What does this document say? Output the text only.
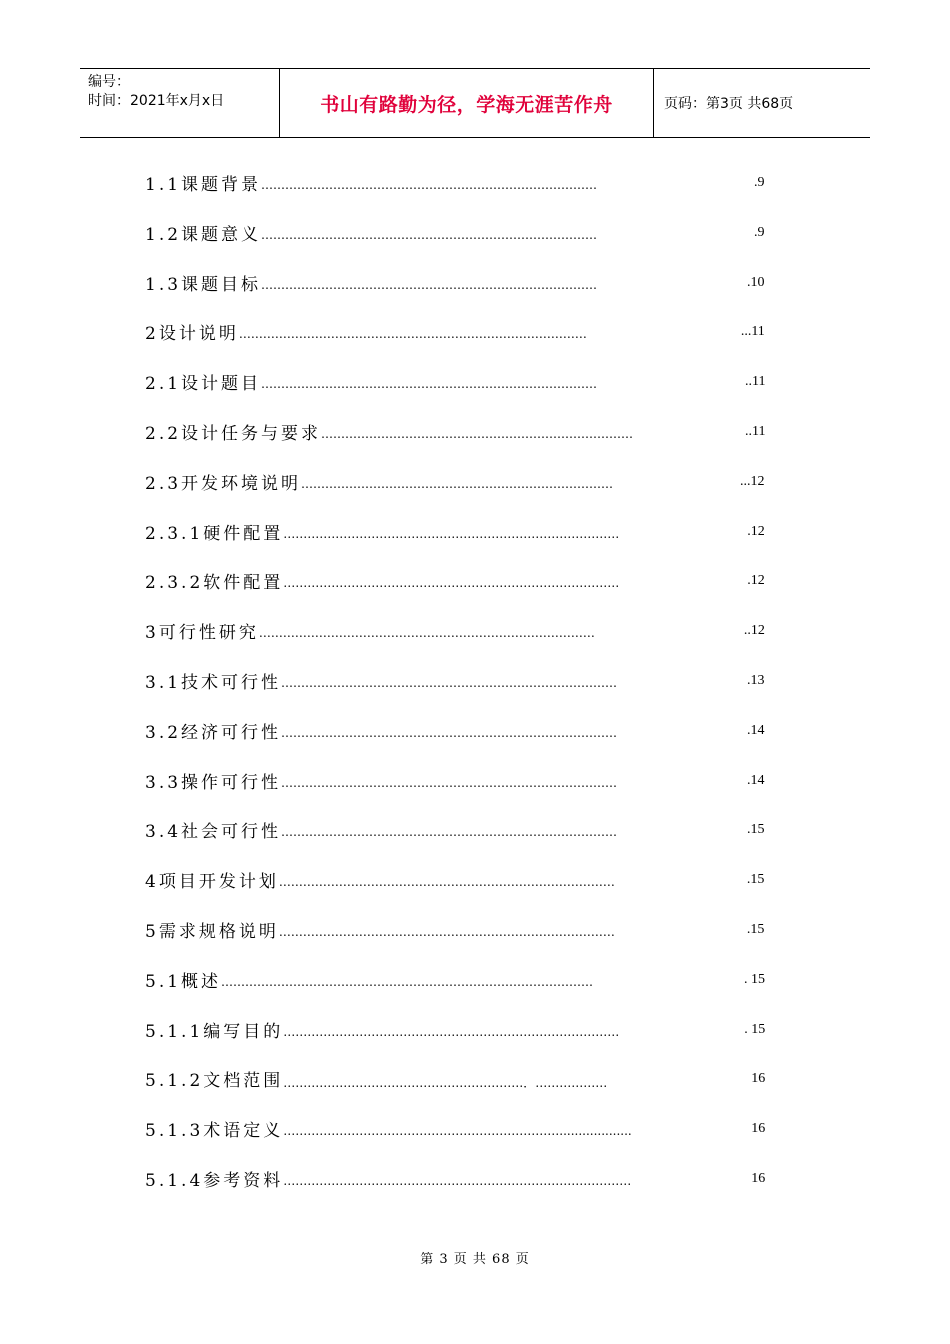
编号：
时间：2021年x月x日	书山有路勤为径，学海无涯苦作舟	页码：第3页 共68页
1.1课题背景 …………………………………………………………………………	.9
1.2课题意义 …………………………………………………………………………	.9
1.3课题目标 …………………………………………………………………………	.10
2设计说明 ……………………………………………………………………………	...11
2.1设计题目 …………………………………………………………………………	..11
2.2设计任务与要求 ……………………………………………………………………	..11
2.3开发环境说明 ……………………………………………………………………	...12
2.3.1硬件配置 …………………………………………………………………………	.12
2.3.2软件配置 …………………………………………………………………………	.12
3可行性研究 …………………………………………………………………………	..12
3.1技术可行性 …………………………………………………………………………	.13
3.2经济可行性 …………………………………………………………………………	.14
3.3操作可行性 …………………………………………………………………………	.14
3.4社会可行性 …………………………………………………………………………	.15
4项目开发计划 …………………………………………………………………………	.15
5需求规格说明 …………………………………………………………………………	.15
5.1概述 …………………………………………………………………………………	. 15
5.1.1编写目的 …………………………………………………………………………	. 15
5.1.2文档范围 ……………………………………………………．………………	16
5.1.3术语定义 ……………………………………………………………...................	16
5.1.4参考资料 ……………………………………………………………………………	16
第 3 页 共 68 页
